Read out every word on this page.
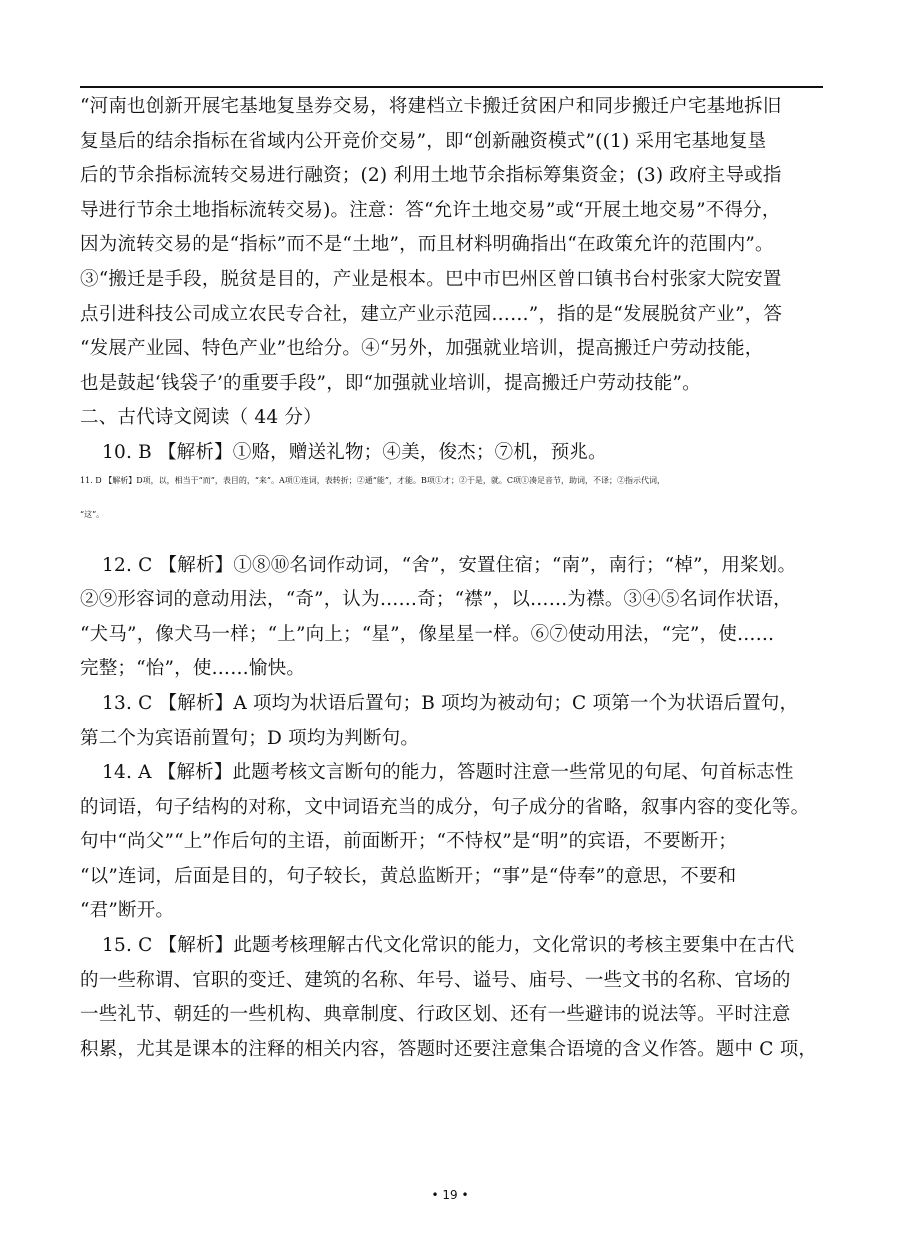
“河南也创新开展宅基地复垦券交易，将建档立卡搬迁贫困户和同步搬迁户宅基地拆旧
复垦后的结余指标在省域内公开竞价交易”，即“创新融资模式”((1) 采用宅基地复垦
后的节余指标流转交易进行融资；(2) 利用土地节余指标筹集资金；(3) 政府主导或指
导进行节余土地指标流转交易)。注意：答“允许土地交易”或“开展土地交易”不得分，
因为流转交易的是“指标”而不是“土地”，而且材料明确指出“在政策允许的范围内”。
③“搬迁是手段，脱贫是目的，产业是根本。巴中市巴州区曾口镇书台村张家大院安置
点引进科技公司成立农民专合社，建立产业示范园……”，指的是“发展脱贫产业”，答
“发展产业园、特色产业”也给分。④“另外，加强就业培训，提高搬迁户劳动技能，
也是鼓起‘钱袋子’的重要手段”，即“加强就业培训，提高搬迁户劳动技能”。
二、古代诗文阅读（ 44 分）
10. B 【解析】①赂，赠送礼物；④美，俊杰；⑦机，预兆。
11. D 【解析】D项，以，相当于“而”，表目的，“来”。A项①连词，表转折；②通“能”，才能。B项①才；②于是，就。C项①凑足音节，助词，不译；②指示代词，
“这”。
12. C 【解析】①⑧⑩名词作动词，“舍”，安置住宿；“南”，南行；“棹”，用桨划。
②⑨形容词的意动用法，“奇”，认为……奇；“襟”，以……为襟。③④⑤名词作状语，
“犬马”，像犬马一样；“上”向上；“星”，像星星一样。⑥⑦使动用法，“完”，使……
完整；“怡”，使……愉快。
13. C 【解析】A 项均为状语后置句；B 项均为被动句；C 项第一个为状语后置句，
第二个为宾语前置句；D 项均为判断句。
14. A 【解析】此题考核文言断句的能力，答题时注意一些常见的句尾、句首标志性
的词语，句子结构的对称，文中词语充当的成分，句子成分的省略，叙事内容的变化等。
句中“尚父”“上”作后句的主语，前面断开；“不恃权”是“明”的宾语，不要断开；
“以”连词，后面是目的，句子较长，黄总监断开；“事”是“侍奉”的意思，不要和
“君”断开。
15. C 【解析】此题考核理解古代文化常识的能力，文化常识的考核主要集中在古代
的一些称谓、官职的变迁、建筑的名称、年号、谥号、庙号、一些文书的名称、官场的
一些礼节、朝廷的一些机构、典章制度、行政区划、还有一些避讳的说法等。平时注意
积累，尤其是课本的注释的相关内容，答题时还要注意集合语境的含义作答。题中 C 项，
• 19 •
